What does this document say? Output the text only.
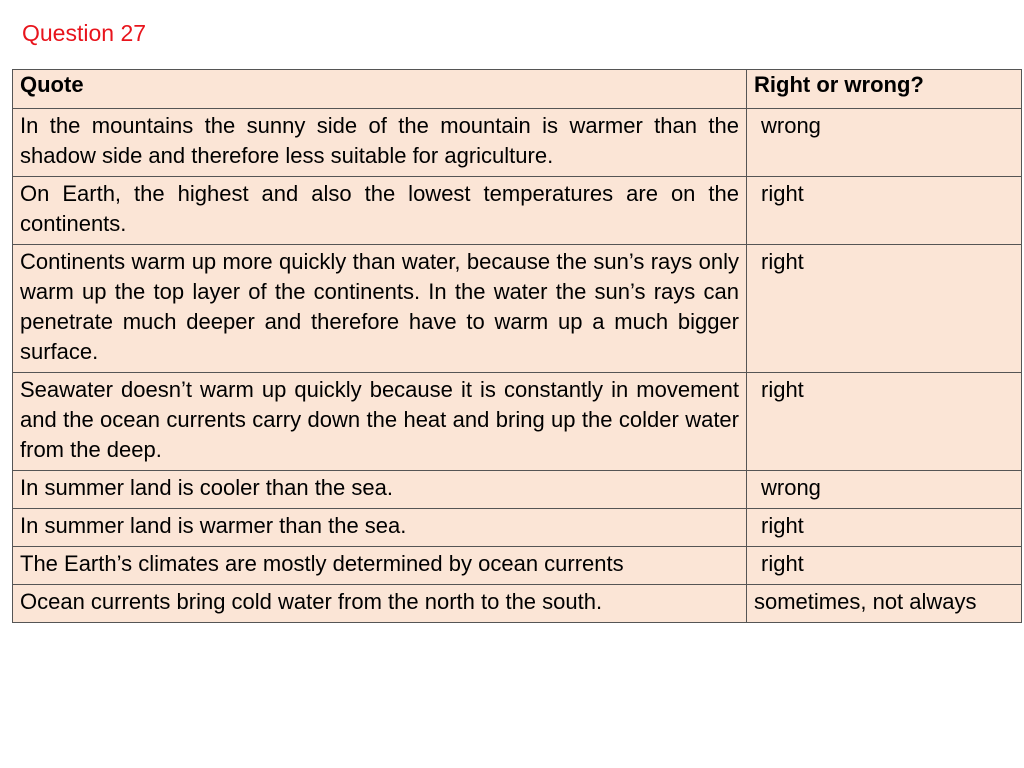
Question 27
Quote	Right or wrong?
In the mountains the sunny side of the mountain is warmer than the shadow side and therefore less suitable for agriculture.	wrong
On Earth, the highest and also the lowest temperatures are on the continents.	right
Continents warm up more quickly than water, because the sun’s rays only warm up the top layer of the continents. In the water the sun’s rays can penetrate much deeper and therefore have to warm up a much bigger surface.	right
Seawater doesn’t warm up quickly because it is constantly in movement and the ocean currents carry down the heat and bring up the colder water from the deep.	right
In summer land is cooler than the sea.	wrong
In summer land is warmer than the sea.	right
The Earth’s climates are mostly determined by ocean currents	right
Ocean currents bring cold water from the north to the south.	sometimes, not always
